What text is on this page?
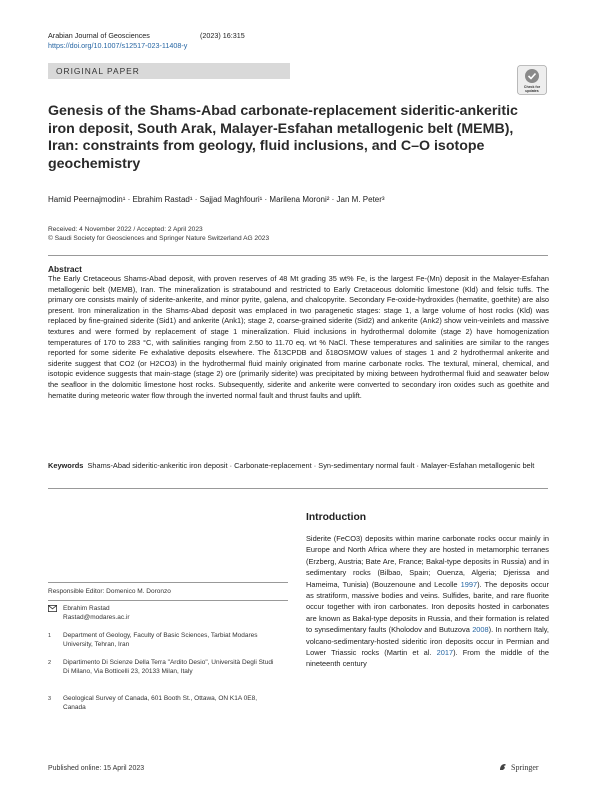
Arabian Journal of Geosciences	(2023) 16:315
https://doi.org/10.1007/s12517-023-11408-y
ORIGINAL PAPER
Check for updates
Genesis of the Shams-Abad carbonate-replacement sideritic-ankeritic iron deposit, South Arak, Malayer-Esfahan metallogenic belt (MEMB), Iran: constraints from geology, fluid inclusions, and C–O isotope geochemistry
Hamid Peernajmodin¹ · Ebrahim Rastad¹ · Sajjad Maghfouri¹ · Marilena Moroni² · Jan M. Peter³
Received: 4 November 2022 / Accepted: 2 April 2023
© Saudi Society for Geosciences and Springer Nature Switzerland AG 2023
Abstract
The Early Cretaceous Shams-Abad deposit, with proven reserves of 48 Mt grading 35 wt% Fe, is the largest Fe-(Mn) deposit in the Malayer-Esfahan metallogenic belt (MEMB), Iran. The mineralization is stratabound and restricted to Early Cretaceous dolomitic limestone (Kld) and felsic tuffs. The primary ore consists mainly of siderite-ankerite, and minor pyrite, galena, and chalcopyrite. Secondary Fe-oxide-hydroxides (hematite, goethite) are also present. Iron mineralization in the Shams-Abad deposit was emplaced in two paragenetic stages: stage 1, a large volume of host rocks (Kld) was replaced by fine-grained siderite (Sid1) and ankerite (Ank1); stage 2, coarse-grained siderite (Sid2) and ankerite (Ank2) show vein-veinlets and massive textures and were formed by replacement of stage 1 mineralization. Fluid inclusions in hydrothermal dolomite (stage 2) have homogenization temperatures of 170 to 283 °C, with salinities ranging from 2.50 to 11.70 eq. wt % NaCl. These temperatures and salinities are similar to the ranges reported for some siderite Fe exhalative deposits elsewhere. The δ13CPDB and δ18OSMOW values of stages 1 and 2 hydrothermal ankerite and siderite suggest that CO2 (or H2CO3) in the hydrothermal fluid mainly originated from marine carbonate rocks. The textural, mineral, chemical, and isotopic evidence suggests that main-stage (stage 2) ore (primarily siderite) was precipitated by mixing between hydrothermal fluid and seawater below the seafloor in the dolomitic limestone host rocks. Subsequently, siderite and ankerite were converted to secondary iron oxides such as goethite and hematite during meteoric water flow through the inverted normal fault and thrust faults and uplift.
Keywords Shams-Abad sideritic-ankeritic iron deposit · Carbonate-replacement · Syn-sedimentary normal fault · Malayer-Esfahan metallogenic belt
Introduction
Siderite (FeCO3) deposits within marine carbonate rocks occur mainly in Europe and North Africa where they are hosted in metamorphic terranes (Erzberg, Austria; Bate Are, France; Bakal-type deposits in Russia) and in sedimentary rocks (Bilbao, Spain; Ouenza, Algeria; Djerissa and Hameima, Tunisia) (Bouzenoune and Lecolle 1997). The deposits occur as stratiform, massive bodies and veins. Sulfides, barite, and rare fluorite occur together with iron carbonates. Iron deposits hosted in carbonates are known as Bakal-type deposits in Russia, and their formation is related to synsedimentary faults (Kholodov and Butuzova 2008). In northern Italy, volcano-sedimentary-hosted sideritic iron deposits occur in Permian and Lower Triassic rocks (Martin et al. 2017). From the middle of the nineteenth century
Responsible Editor: Domenico M. Doronzo
Ebrahim Rastad
Rastad@modares.ac.ir
1 Department of Geology, Faculty of Basic Sciences, Tarbiat Modares University, Tehran, Iran
2 Dipartimento Di Scienze Della Terra "Ardito Desio", Università Degli Studi Di Milano, Via Botticelli 23, 20133 Milan, Italy
3 Geological Survey of Canada, 601 Booth St., Ottawa, ON K1A 0E8, Canada
Published online: 15 April 2023	Springer
